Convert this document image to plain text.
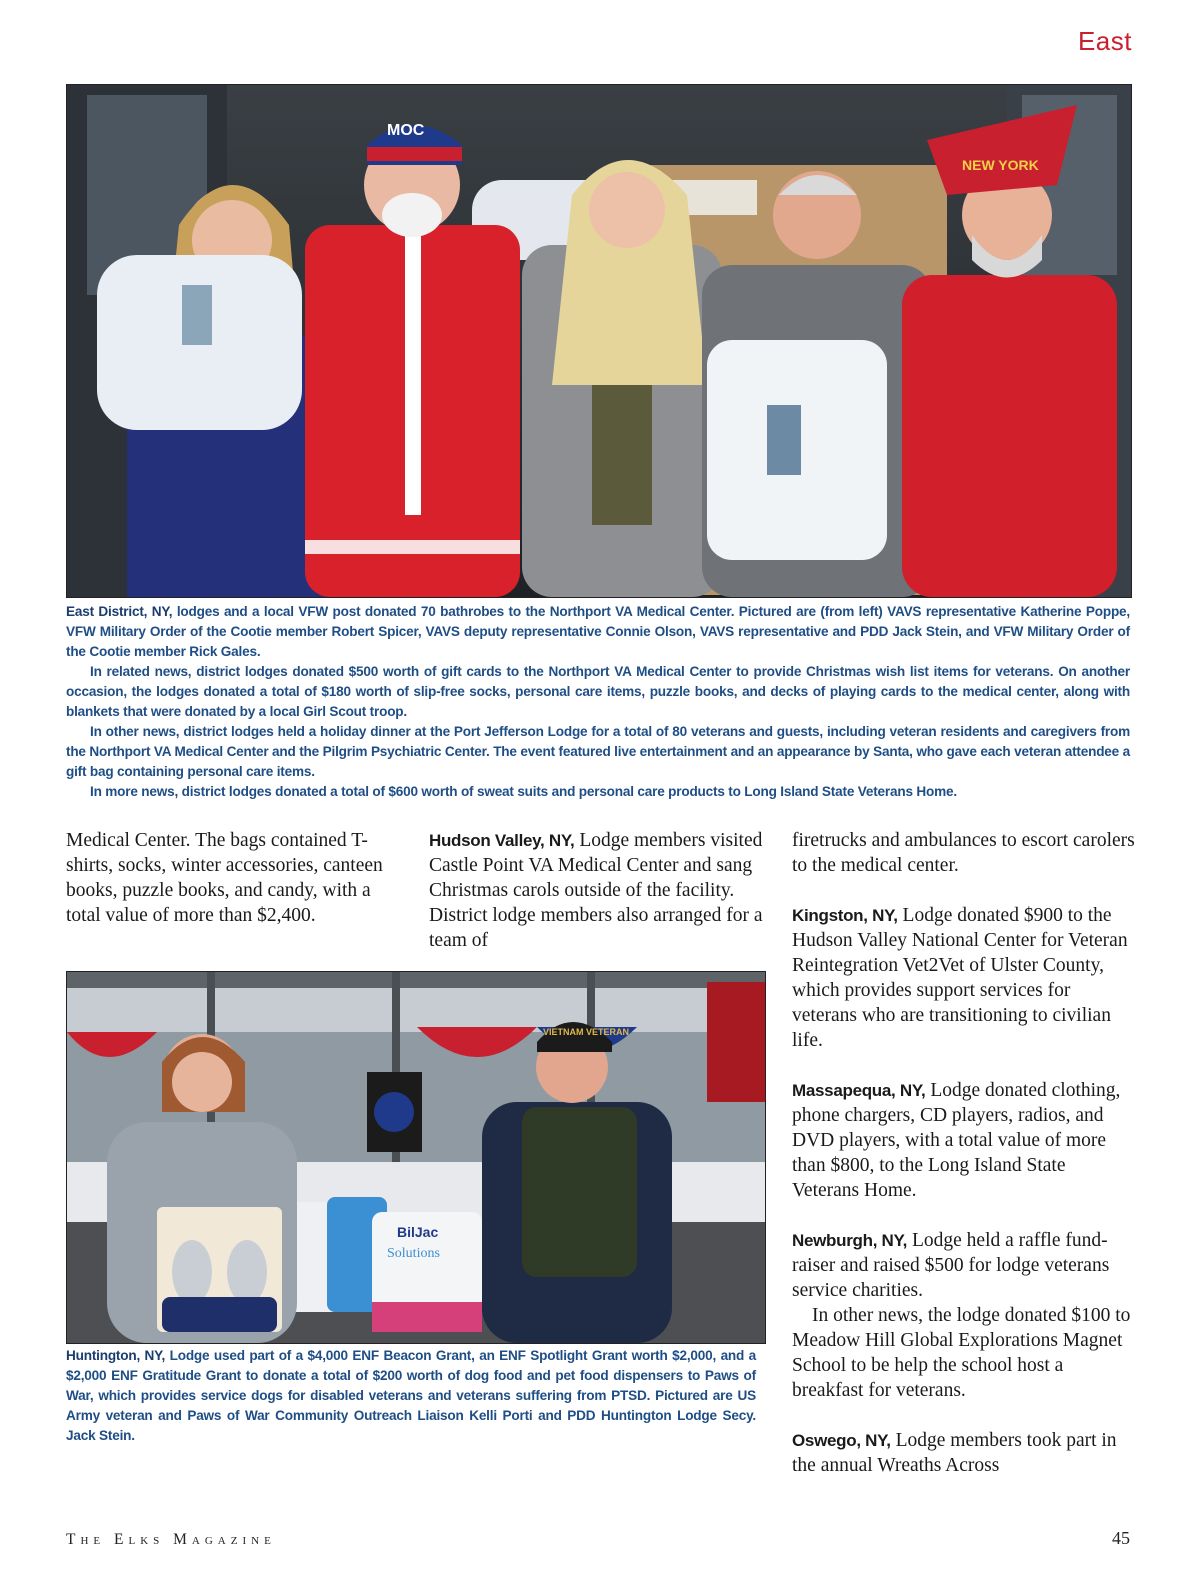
East
MOC
NEW YORK

East District, NY, lodges and a local VFW post donated 70 bathrobes to the Northport VA Medical Center. Pictured are (from left) VAVS representative Katherine Poppe, VFW Military Order of the Cootie member Robert Spicer, VAVS deputy representative Connie Olson, VAVS representative and PDD Jack Stein, and VFW Military Order of the Cootie member Rick Gales.

In related news, district lodges donated $500 worth of gift cards to the Northport VA Medical Center to provide Christmas wish list items for veterans. On another occasion, the lodges donated a total of $180 worth of slip-free socks, personal care items, puzzle books, and decks of playing cards to the medical center, along with blankets that were donated by a local Girl Scout troop.

In other news, district lodges held a holiday dinner at the Port Jefferson Lodge for a total of 80 veterans and guests, including veteran residents and caregivers from the Northport VA Medical Center and the Pilgrim Psychiatric Center. The event featured live entertainment and an appearance by Santa, who gave each veteran attendee a gift bag containing personal care items.

In more news, district lodges donated a total of $600 worth of sweat suits and personal care products to Long Island State Veterans Home.

Medical Center. The bags contained T-shirts, socks, winter accessories, canteen books, puzzle books, and candy, with a total value of more than $2,400.

Hudson Valley, NY, Lodge members visited Castle Point VA Medical Center and sang Christmas carols outside of the facility. District lodge members also arranged for a team of

BilJac
Solutions
VIETNAM VETERAN

Huntington, NY, Lodge used part of a $4,000 ENF Beacon Grant, an ENF Spotlight Grant worth $2,000, and a $2,000 ENF Gratitude Grant to donate a total of $200 worth of dog food and pet food dispensers to Paws of War, which provides service dogs for disabled veterans and veterans suffering from PTSD. Pictured are US Army veteran and Paws of War Community Outreach Liaison Kelli Porti and PDD Huntington Lodge Secy. Jack Stein.

firetrucks and ambulances to escort carolers to the medical center.

Kingston, NY, Lodge donated $900 to the Hudson Valley National Center for Veteran Reintegration Vet2Vet of Ulster County, which provides support services for veterans who are transitioning to civilian life.

Massapequa, NY, Lodge donated clothing, phone chargers, CD players, radios, and DVD players, with a total value of more than $800, to the Long Island State Veterans Home.

Newburgh, NY, Lodge held a raffle fund-raiser and raised $500 for lodge veterans service charities.

In other news, the lodge donated $100 to Meadow Hill Global Explorations Magnet School to be help the school host a breakfast for veterans.

Oswego, NY, Lodge members took part in the annual Wreaths Across

The Elks Magazine	45
